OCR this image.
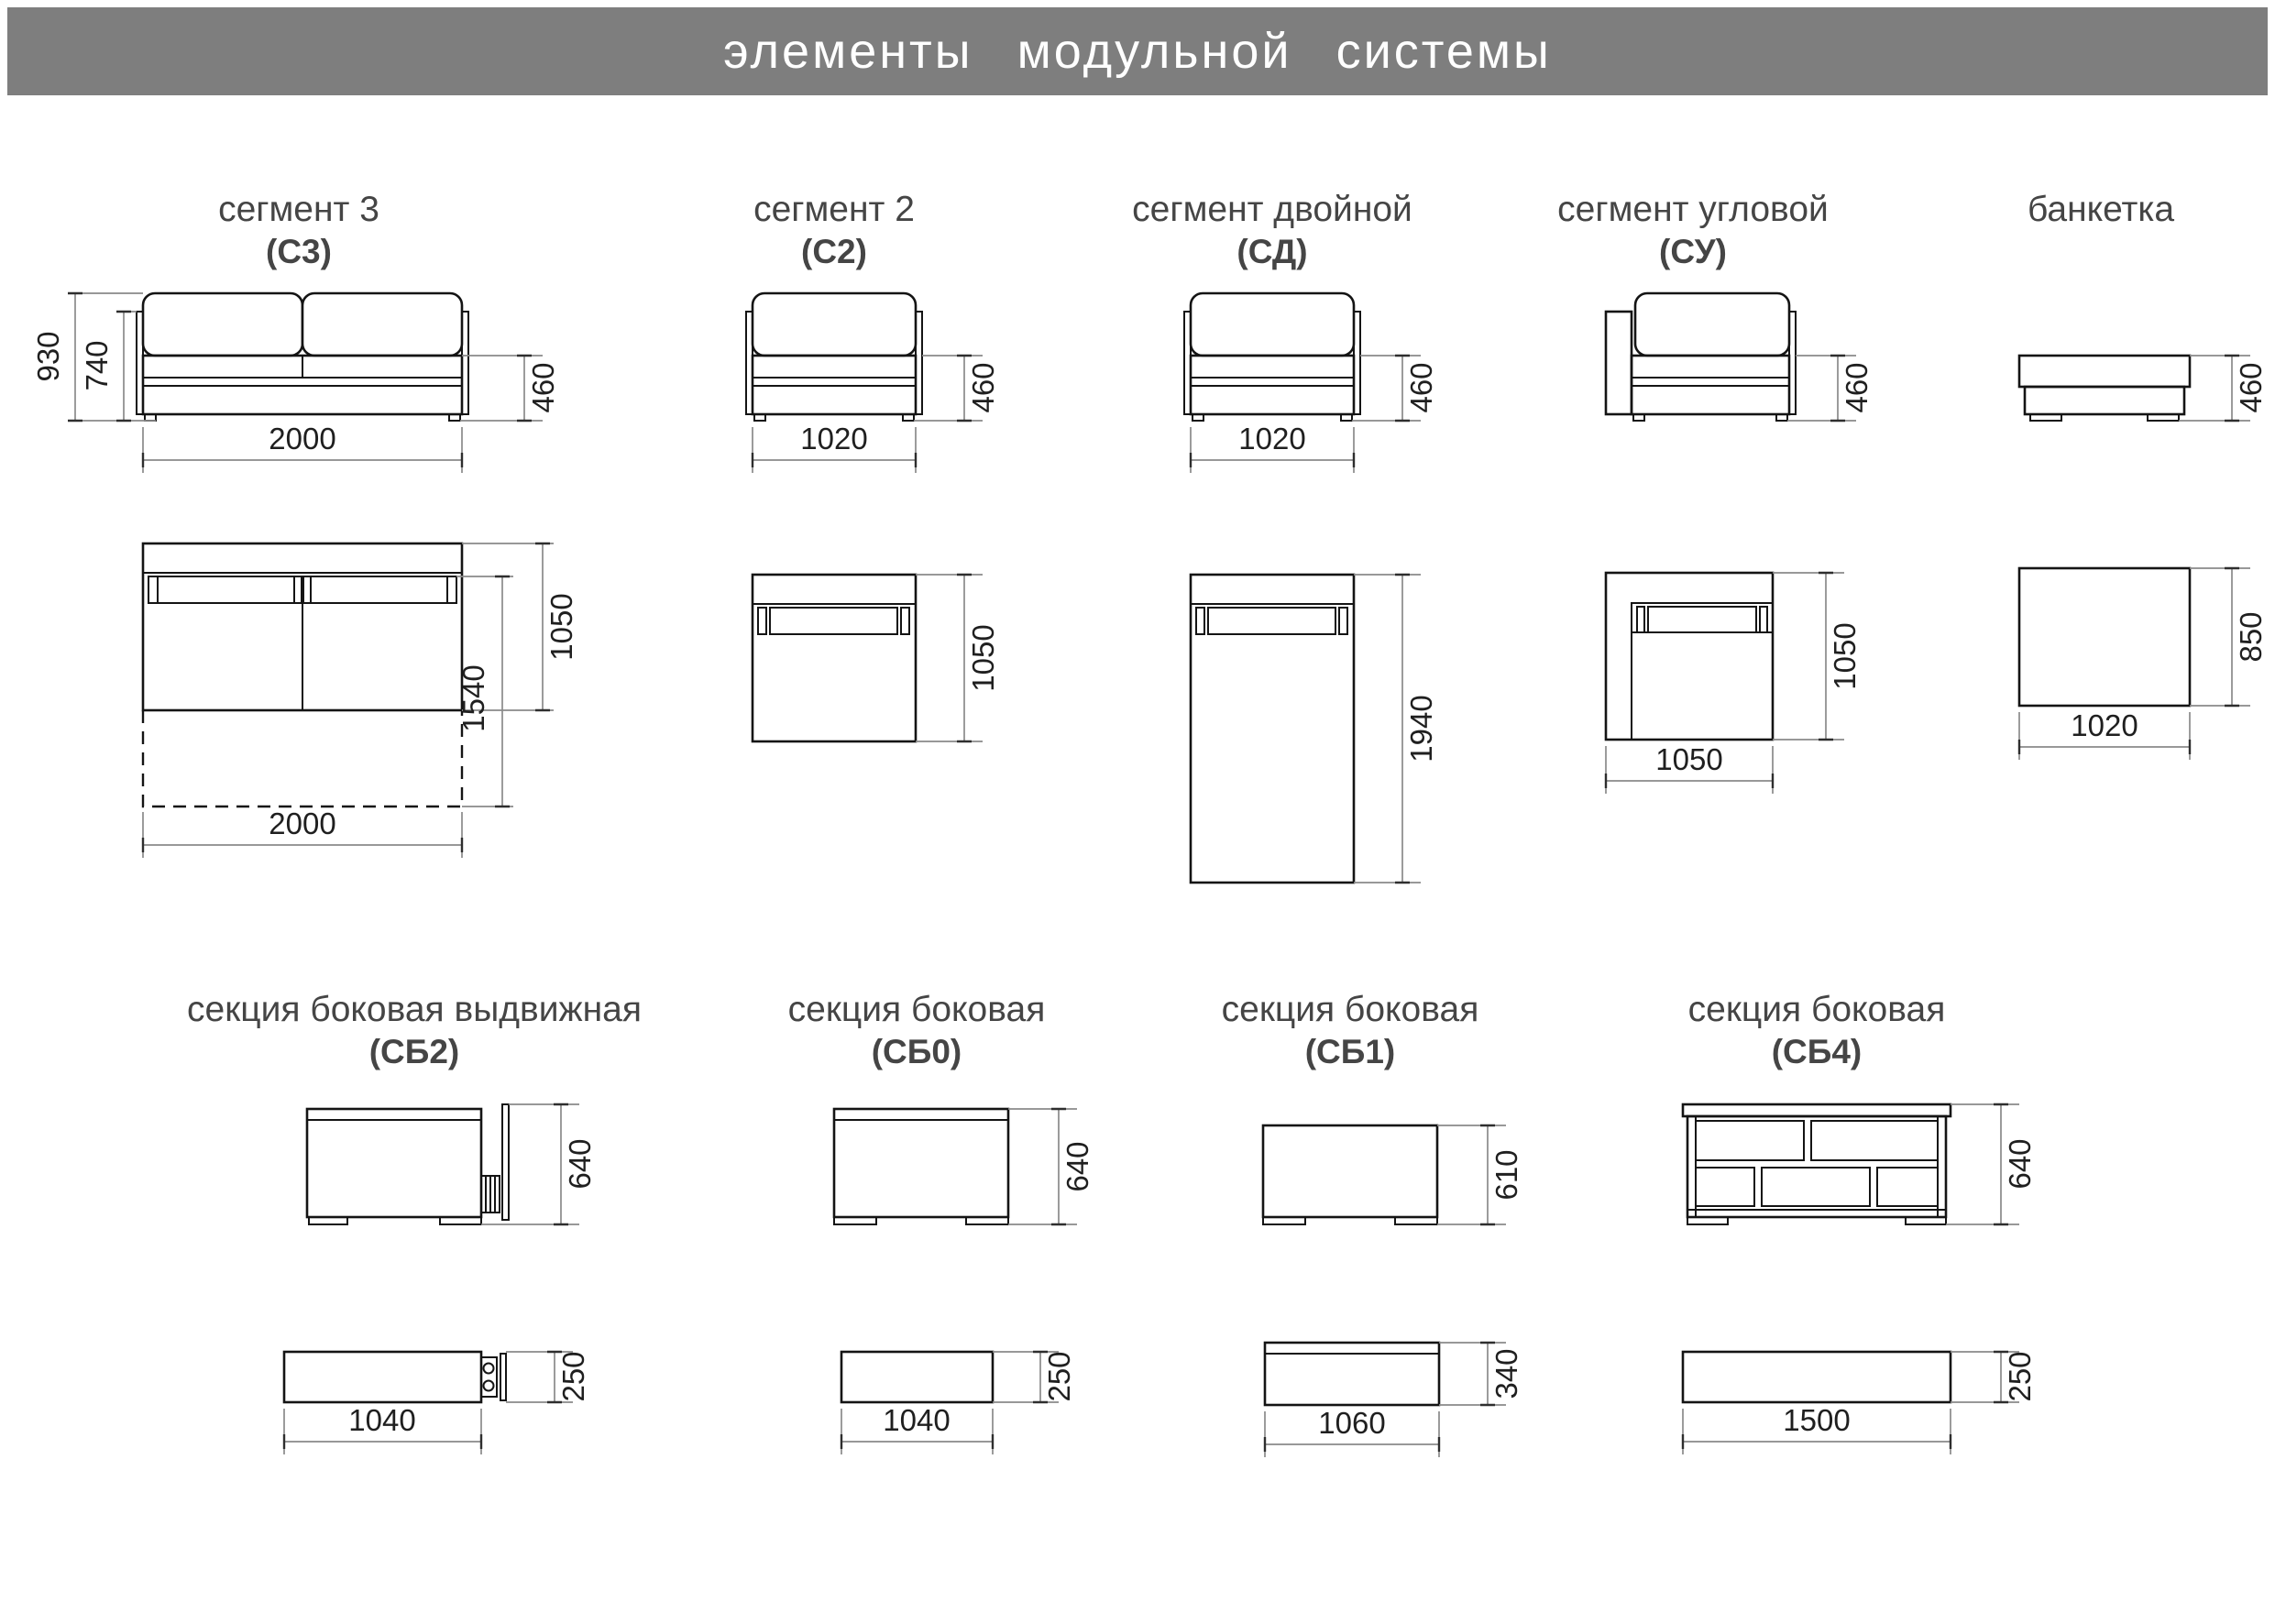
элементы модульной системы
сегмент 3
(С3)
сегмент 2
(С2)
сегмент двойной
(СД)
сегмент угловой
(СУ)
банкетка
930 740	460
2000
1050
1540
2000
460
1020
1050
460
1020
1940
460
1050
1050
460
850
1020
секция боковая выдвижная
(СБ2)
секция боковая
(СБ0)
секция боковая
(СБ1)
секция боковая
(СБ4)
640
250
1040
640
250
1040
610
340
1060
640
250
1500
